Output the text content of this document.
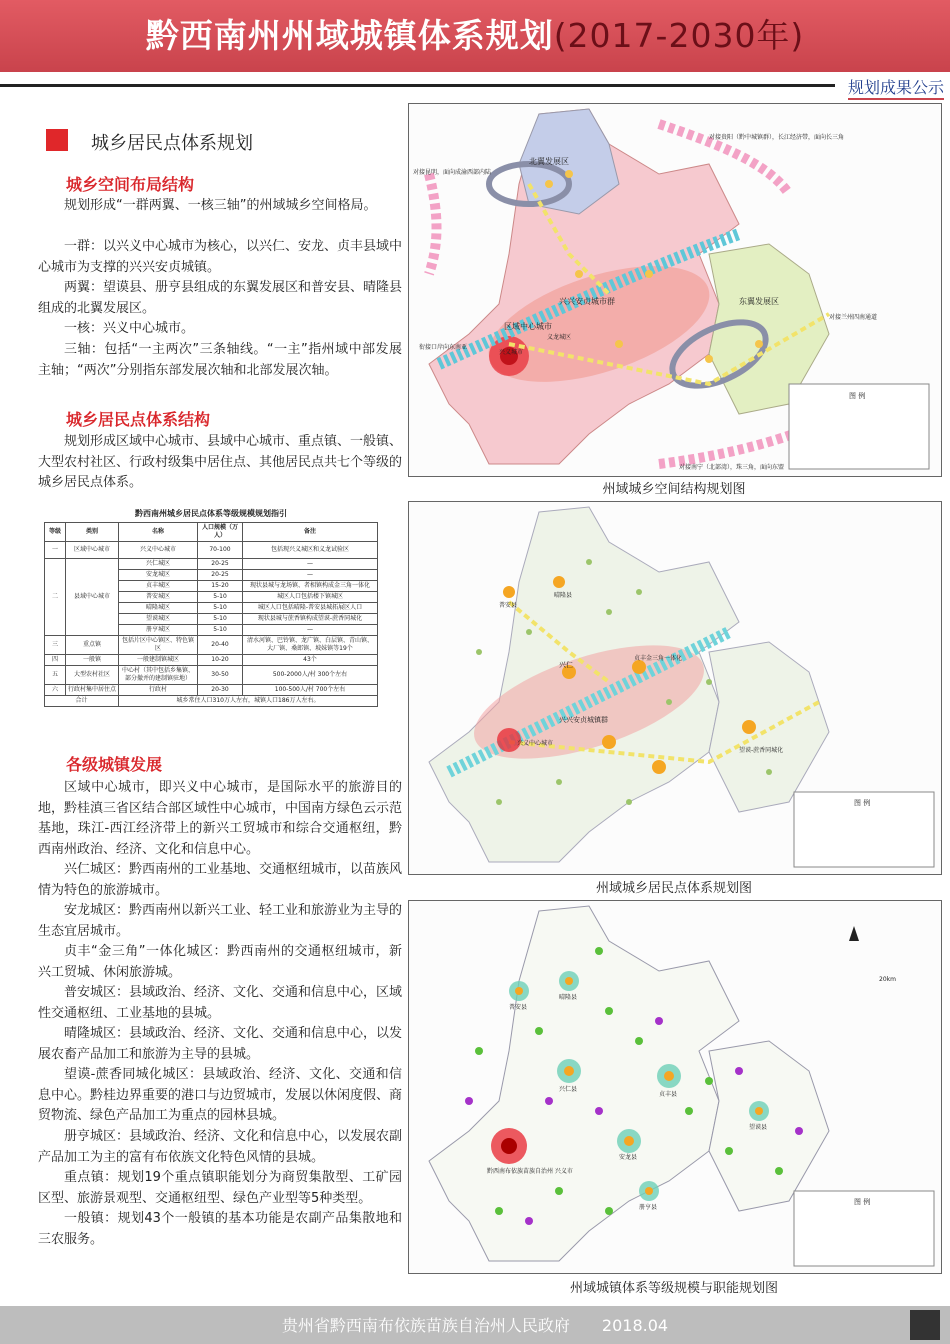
黔西南州州域城镇体系规划(2017-2030年)
规划成果公示
城乡居民点体系规划
城乡空间布局结构
规划形成“一群两翼、一核三轴”的州域城乡空间格局。
一群：以兴义中心城市为核心，以兴仁、安龙、贞丰县域中心城市为支撑的兴兴安贞城镇。
两翼：望谟县、册亨县组成的东翼发展区和普安县、晴隆县组成的北翼发展区。
一核：兴义中心城市。
三轴：包括“一主两次”三条轴线。“一主”指州域中部发展主轴；“两次”分别指东部发展次轴和北部发展次轴。
城乡居民点体系结构
规划形成区域中心城市、县域中心城市、重点镇、一般镇、大型农村社区、行政村级集中居住点、其他居民点共七个等级的城乡居民点体系。
黔西南州城乡居民点体系等级规模规划指引
等级	类别	名称	人口规模（万人）	备注
一	区域中心城市	兴义中心城市	70-100	包括现兴义城区和义龙试验区
二	县域中心城市	兴仁城区	20-25	—
		安龙城区	20-25	—
		贞丰城区	15-20	现状县城与龙场镇、者相镇构成金三角一体化
		普安城区	5-10	城区人口包括楼下镇城区
		晴隆城区	5-10	城区人口包括晴隆-普安县城拓展区人口
		望谟城区	5-10	现状县城与蔗香镇构成望谟-蔗香同城化
		册亨城区	5-10	—
三	重点镇	包括片区中心镇区、特色镇区	20-40	清水河镇、巴铃镇、龙广镇、白层镇、青山镇、大厂镇、桑郎镇、坡妹镇等19个
四	一般镇	一般建制镇城区	10-20	43个
五	大型农村社区	中心村（其中包括乡集镇、部分撤并的建制镇驻地）	30-50	500-2000人/村 300个左右
六	行政村集中居住点	行政村	20-30	100-500人/村 700个左右
合计		城乡常住人口310万人左右，城镇人口186万人左右。		
各级城镇发展
区域中心城市，即兴义中心城市，是国际水平的旅游目的地，黔桂滇三省区结合部区域性中心城市，中国南方绿色云示范基地，珠江-西江经济带上的新兴工贸城市和综合交通枢纽，黔西南州政治、经济、文化和信息中心。
兴仁城区：黔西南州的工业基地、交通枢纽城市，以苗族风情为特色的旅游城市。
安龙城区：黔西南州以新兴工业、轻工业和旅游业为主导的生态宜居城市。
贞丰“金三角”一体化城区：黔西南州的交通枢纽城市，新兴工贸城、休闲旅游城。
普安城区：县域政治、经济、文化、交通和信息中心，区域性交通枢纽、工业基地的县城。
晴隆城区：县域政治、经济、文化、交通和信息中心，以发展农畜产品加工和旅游为主导的县城。
望谟-蔗香同城化城区：县域政治、经济、文化、交通和信息中心。黔桂边界重要的港口与边贸城市，发展以休闲度假、商贸物流、绿色产品加工为重点的园林县城。
册亨城区：县域政治、经济、文化和信息中心，以发展农副产品加工为主的富有布依族文化特色风情的县城。
重点镇：规划19个重点镇职能划分为商贸集散型、工矿园区型、旅游景观型、交通枢纽型、绿色产业型等5种类型。
一般镇：规划43个一般镇的基本功能是农副产品集散地和三农服务。
北翼发展区
东翼发展区
兴兴安贞城市群
区域中心城市
兴义城市
义龙城区
对接昆明，面向成渝西部内陆
对接贵阳（黔中城镇群），长江经济带，面向长三角
对接兰州四南通道
对接南宁（北部湾），珠三角，面向东盟
衔接口岸向东南亚
图 例
州域城乡空间结构规划图
兴兴安贞城镇群
贞丰金三角一体化
望谟-蔗香同城化
兴仁
兴义中心城市
普安县
晴隆县
图 例
州域城乡居民点体系规划图
黔西南布依族苗族自治州 兴义市
普安县
晴隆县
兴仁县
贞丰县
安龙县
册亨县
望谟县
图 例
20km
州域城镇体系等级规模与职能规划图
贵州省黔西南布依族苗族自治州人民政府　　2018.04
